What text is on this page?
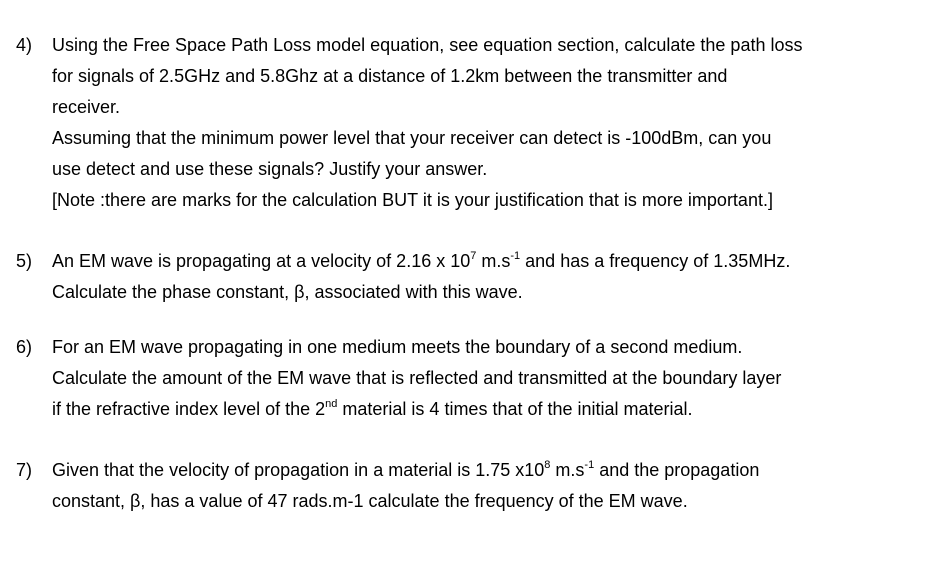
4) Using the Free Space Path Loss model equation, see equation section, calculate the path loss
for signals of 2.5GHz and 5.8Ghz at a distance of 1.2km between the transmitter and
receiver.
Assuming that the minimum power level that your receiver can detect is -100dBm, can you
use detect and use these signals? Justify your answer.
[Note :there are marks for the calculation BUT it is your justification that is more important.]
5) An EM wave is propagating at a velocity of 2.16 x $10^7$ $m.s^{-1}$ and has a frequency of 1.35MHz.
Calculate the phase constant, β, associated with this wave.
6) For an EM wave propagating in one medium meets the boundary of a second medium.
Calculate the amount of the EM wave that is reflected and transmitted at the boundary layer
if the refractive index level of the 2nd material is 4 times that of the initial material.
7) Given that the velocity of propagation in a material is 1.75 $x10^8$ $m.s^{-1}$ and the propagation
constant, β, has a value of 47 rads.m-1 calculate the frequency of the EM wave.
